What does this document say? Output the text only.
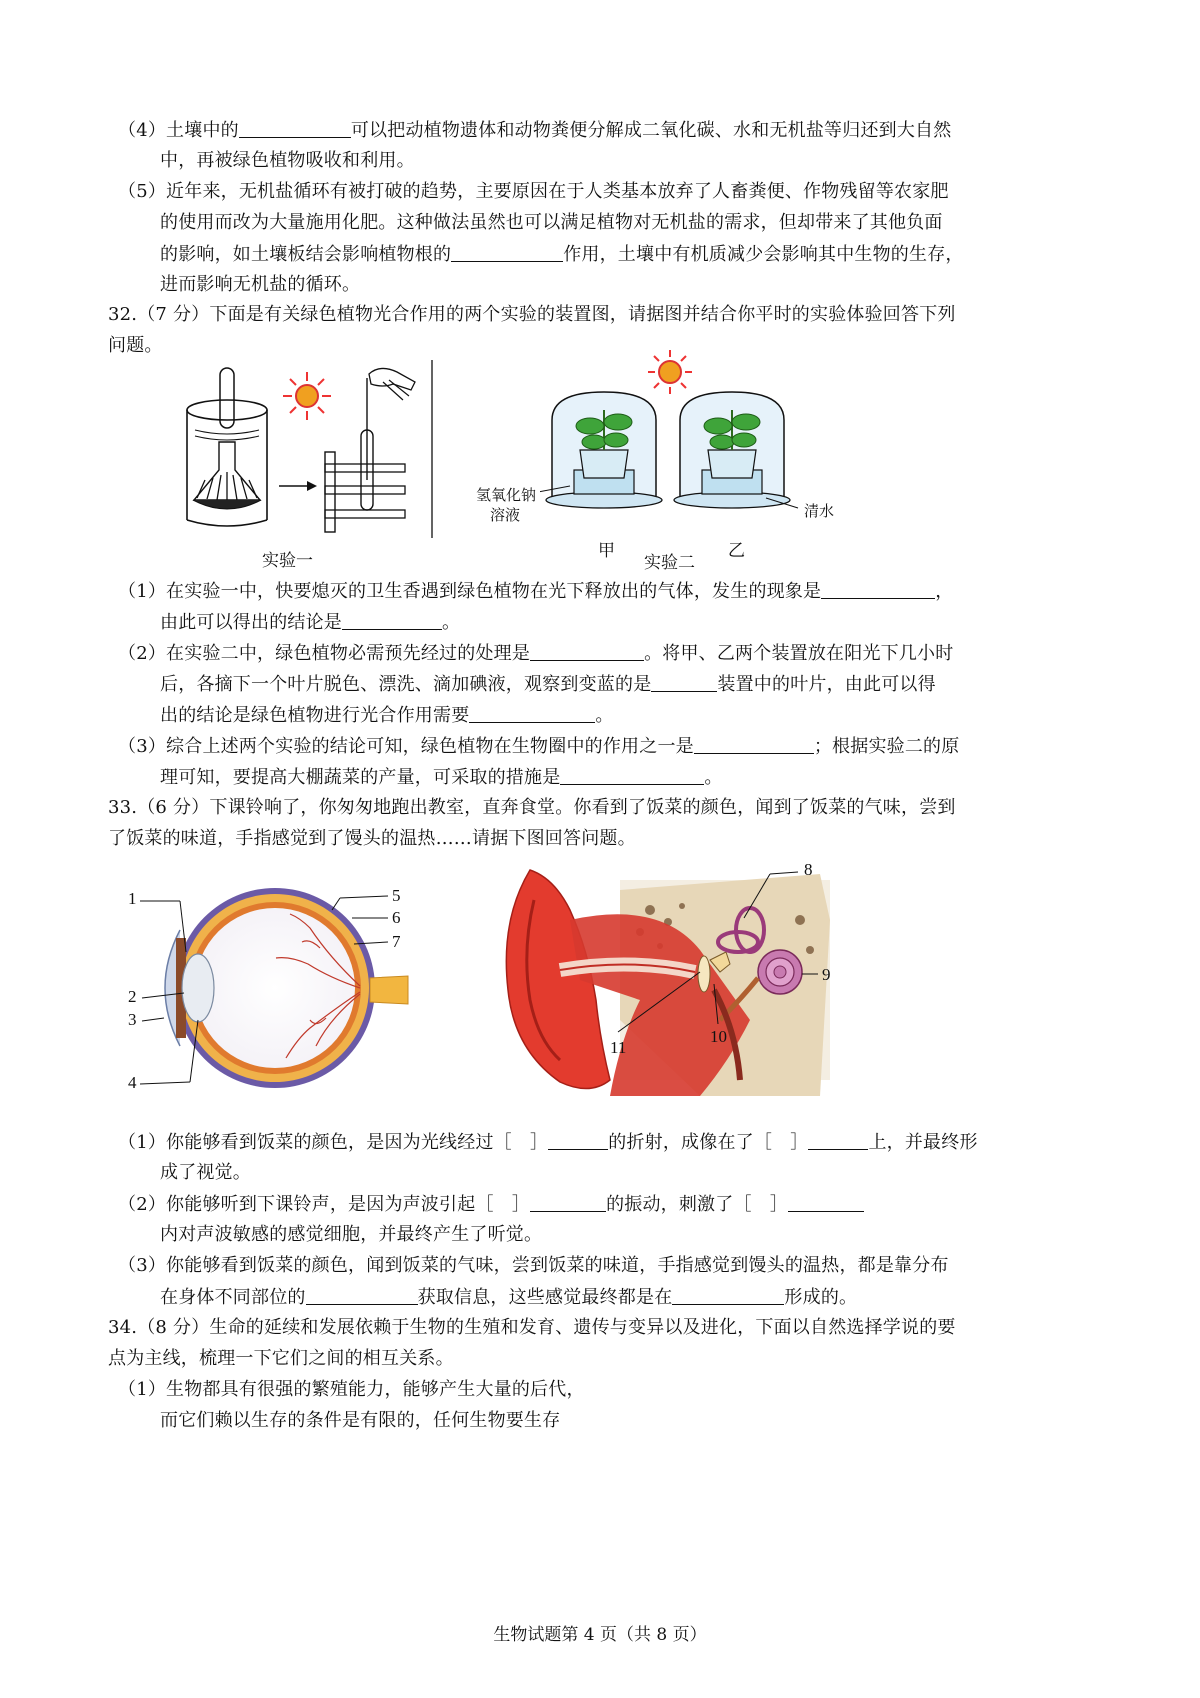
（4）土壤中的	可以把动植物遗体和动物粪便分解成二氧化碳、水和无机盐等归还到大自然
中，再被绿色植物吸收和利用。
（5）近年来，无机盐循环有被打破的趋势，主要原因在于人类基本放弃了人畜粪便、作物残留等农家肥
的使用而改为大量施用化肥。这种做法虽然也可以满足植物对无机盐的需求，但却带来了其他负面
的影响，如土壤板结会影响植物根的	作用，土壤中有机质减少会影响其中生物的生存，
进而影响无机盐的循环。
32.（7 分）下面是有关绿色植物光合作用的两个实验的装置图，请据图并结合你平时的实验体验回答下列
问题。
实验一
氢氧化钠
溶液	清水
甲
实验二
乙
（1）在实验一中，快要熄灭的卫生香遇到绿色植物在光下释放出的气体，发生的现象是	，
由此可以得出的结论是	。
（2）在实验二中，绿色植物必需预先经过的处理是	。将甲、乙两个装置放在阳光下几小时
后，各摘下一个叶片脱色、漂洗、滴加碘液，观察到变蓝的是	装置中的叶片，由此可以得
出的结论是绿色植物进行光合作用需要	。
（3）综合上述两个实验的结论可知，绿色植物在生物圈中的作用之一是	；根据实验二的原
理可知，要提高大棚蔬菜的产量，可采取的措施是	。
33.（6 分）下课铃响了，你匆匆地跑出教室，直奔食堂。你看到了饭菜的颜色，闻到了饭菜的气味，尝到
了饭菜的味道，手指感觉到了馒头的温热……请据下图回答问题。
1
2
3
4
5
6
7
8
9
10
11
（1）你能够看到饭菜的颜色，是因为光线经过［　］	的折射，成像在了［　］	上，并最终形
成了视觉。
（2）你能够听到下课铃声，是因为声波引起［　］	的振动，刺激了［　］
内对声波敏感的感觉细胞，并最终产生了听觉。
（3）你能够看到饭菜的颜色，闻到饭菜的气味，尝到饭菜的味道，手指感觉到馒头的温热，都是靠分布
在身体不同部位的	获取信息，这些感觉最终都是在	形成的。
34.（8 分）生命的延续和发展依赖于生物的生殖和发育、遗传与变异以及进化，下面以自然选择学说的要
点为主线，梳理一下它们之间的相互关系。
（1）生物都具有很强的繁殖能力，能够产生大量的后代，
而它们赖以生存的条件是有限的，任何生物要生存
生物试题第 4 页（共 8 页）
